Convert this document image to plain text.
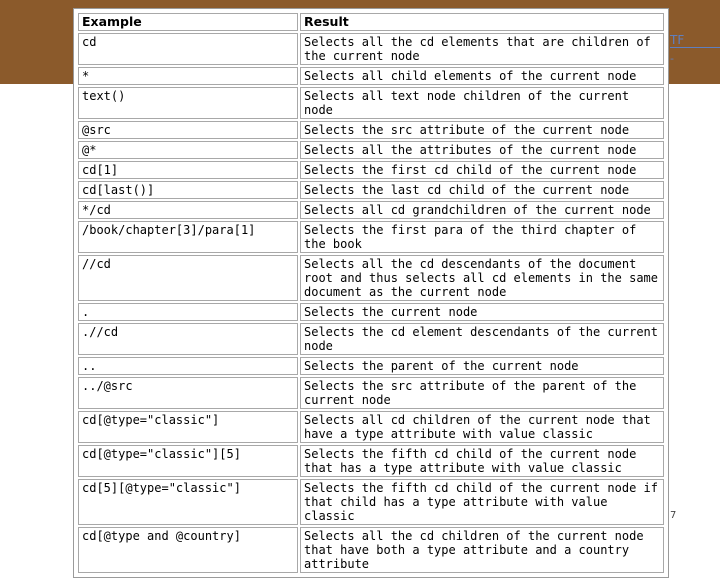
TF
-
Example	Result
cd	Selects all the cd elements that are children of the current node
*	Selects all child elements of the current node
text()	Selects all text node children of the current node
@src	Selects the src attribute of the current node
@*	Selects all the attributes of the current node
cd[1]	Selects the first cd child of the current node
cd[last()]	Selects the last cd child of the current node
*/cd	Selects all cd grandchildren of the current node
/book/chapter[3]/para[1]	Selects the first para of the third chapter of the book
//cd	Selects all the cd descendants of the document root and thus selects all cd elements in the same document as the current node
.	Selects the current node
.//cd	Selects the cd element descendants of the current node
..	Selects the parent of the current node
../@src	Selects the src attribute of the parent of the current node
cd[@type="classic"]	Selects all cd children of the current node that have a type attribute with value classic
cd[@type="classic"][5]	Selects the fifth cd child of the current node that has a type attribute with value classic
cd[5][@type="classic"]	Selects the fifth cd child of the current node if that child has a type attribute with value classic
cd[@type and @country]	Selects all the cd children of the current node that have both a type attribute and a country attribute
7
